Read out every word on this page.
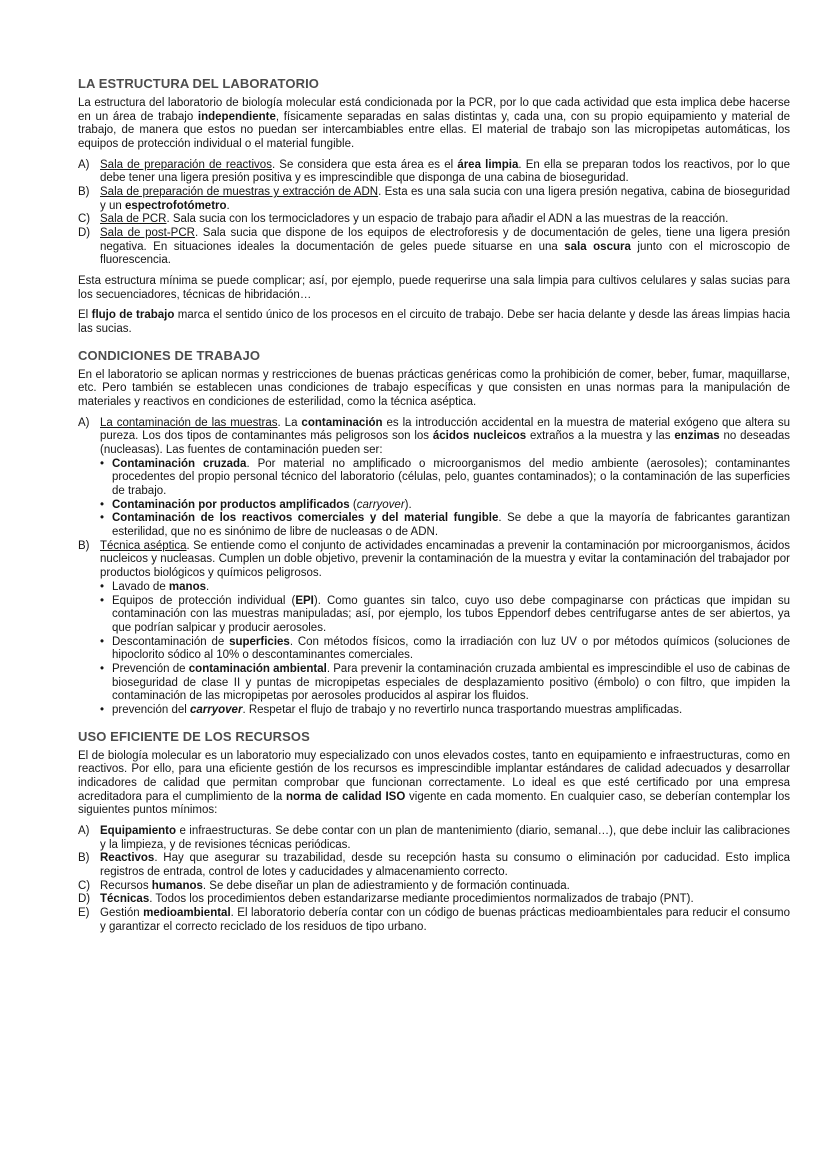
LA ESTRUCTURA DEL LABORATORIO

La estructura del laboratorio de biología molecular está condicionada por la PCR, por lo que cada actividad que esta implica debe hacerse en un área de trabajo independiente, físicamente separadas en salas distintas y, cada una, con su propio equipamiento y material de trabajo, de manera que estos no puedan ser intercambiables entre ellas. El material de trabajo son las micropipetas automáticas, los equipos de protección individual o el material fungible.

A) Sala de preparación de reactivos. Se considera que esta área es el área limpia. En ella se preparan todos los reactivos, por lo que debe tener una ligera presión positiva y es imprescindible que disponga de una cabina de bioseguridad.
B) Sala de preparación de muestras y extracción de ADN. Esta es una sala sucia con una ligera presión negativa, cabina de bioseguridad y un espectrofotómetro.
C) Sala de PCR. Sala sucia con los termocicladores y un espacio de trabajo para añadir el ADN a las muestras de la reacción.
D) Sala de post-PCR. Sala sucia que dispone de los equipos de electroforesis y de documentación de geles, tiene una ligera presión negativa. En situaciones ideales la documentación de geles puede situarse en una sala oscura junto con el microscopio de fluorescencia.

Esta estructura mínima se puede complicar; así, por ejemplo, puede requerirse una sala limpia para cultivos celulares y salas sucias para los secuenciadores, técnicas de hibridación…

El flujo de trabajo marca el sentido único de los procesos en el circuito de trabajo. Debe ser hacia delante y desde las áreas limpias hacia las sucias.

CONDICIONES DE TRABAJO

En el laboratorio se aplican normas y restricciones de buenas prácticas genéricas como la prohibición de comer, beber, fumar, maquillarse, etc. Pero también se establecen unas condiciones de trabajo específicas y que consisten en unas normas para la manipulación de materiales y reactivos en condiciones de esterilidad, como la técnica aséptica.

A) La contaminación de las muestras. La contaminación es la introducción accidental en la muestra de material exógeno que altera su pureza. Los dos tipos de contaminantes más peligrosos son los ácidos nucleicos extraños a la muestra y las enzimas no deseadas (nucleasas). Las fuentes de contaminación pueden ser:
• Contaminación cruzada. Por material no amplificado o microorganismos del medio ambiente (aerosoles); contaminantes procedentes del propio personal técnico del laboratorio (células, pelo, guantes contaminados); o la contaminación de las superficies de trabajo.
• Contaminación por productos amplificados (carryover).
• Contaminación de los reactivos comerciales y del material fungible. Se debe a que la mayoría de fabricantes garantizan esterilidad, que no es sinónimo de libre de nucleasas o de ADN.
B) Técnica aséptica. Se entiende como el conjunto de actividades encaminadas a prevenir la contaminación por microorganismos, ácidos nucleicos y nucleasas. Cumplen un doble objetivo, prevenir la contaminación de la muestra y evitar la contaminación del trabajador por productos biológicos y químicos peligrosos.
• Lavado de manos.
• Equipos de protección individual (EPI). Como guantes sin talco, cuyo uso debe compaginarse con prácticas que impidan su contaminación con las muestras manipuladas; así, por ejemplo, los tubos Eppendorf debes centrifugarse antes de ser abiertos, ya que podrían salpicar y producir aerosoles.
• Descontaminación de superficies. Con métodos físicos, como la irradiación con luz UV o por métodos químicos (soluciones de hipoclorito sódico al 10% o descontaminantes comerciales.
• Prevención de contaminación ambiental. Para prevenir la contaminación cruzada ambiental es imprescindible el uso de cabinas de bioseguridad de clase II y puntas de micropipetas especiales de desplazamiento positivo (émbolo) o con filtro, que impiden la contaminación de las micropipetas por aerosoles producidos al aspirar los fluidos.
• prevención del carryover. Respetar el flujo de trabajo y no revertirlo nunca trasportando muestras amplificadas.
USO EFICIENTE DE LOS RECURSOS

El de biología molecular es un laboratorio muy especializado con unos elevados costes, tanto en equipamiento e infraestructuras, como en reactivos. Por ello, para una eficiente gestión de los recursos es imprescindible implantar estándares de calidad adecuados y desarrollar indicadores de calidad que permitan comprobar que funcionan correctamente. Lo ideal es que esté certificado por una empresa acreditadora para el cumplimiento de la norma de calidad ISO vigente en cada momento. En cualquier caso, se deberían contemplar los siguientes puntos mínimos:

A) Equipamiento e infraestructuras. Se debe contar con un plan de mantenimiento (diario, semanal…), que debe incluir las calibraciones y la limpieza, y de revisiones técnicas periódicas.
B) Reactivos. Hay que asegurar su trazabilidad, desde su recepción hasta su consumo o eliminación por caducidad. Esto implica registros de entrada, control de lotes y caducidades y almacenamiento correcto.
C) Recursos humanos. Se debe diseñar un plan de adiestramiento y de formación continuada.
D) Técnicas. Todos los procedimientos deben estandarizarse mediante procedimientos normalizados de trabajo (PNT).
E) Gestión medioambiental. El laboratorio debería contar con un código de buenas prácticas medioambientales para reducir el consumo y garantizar el correcto reciclado de los residuos de tipo urbano.
